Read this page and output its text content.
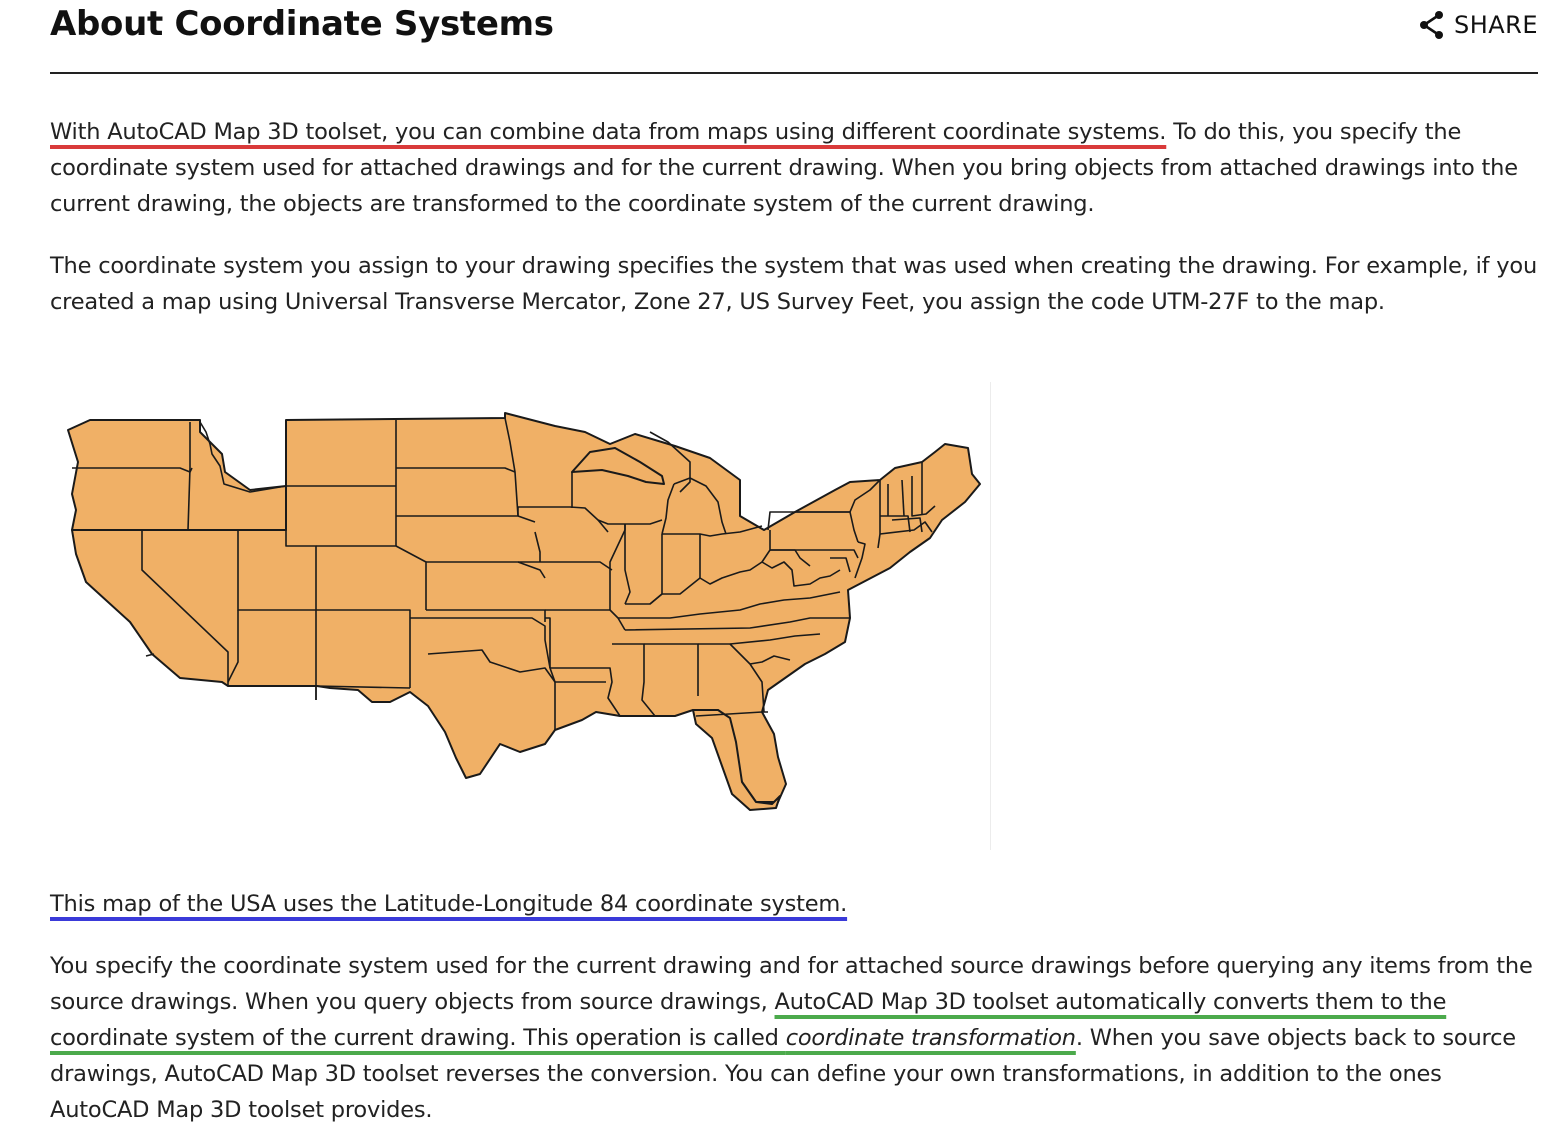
About Coordinate Systems	SHARE

With AutoCAD Map 3D toolset, you can combine data from maps using different coordinate systems. To do this, you specify the coordinate system used for attached drawings and for the current drawing. When you bring objects from attached drawings into the current drawing, the objects are transformed to the coordinate system of the current drawing.

The coordinate system you assign to your drawing specifies the system that was used when creating the drawing. For example, if you created a map using Universal Transverse Mercator, Zone 27, US Survey Feet, you assign the code UTM-27F to the map.

This map of the USA uses the Latitude-Longitude 84 coordinate system.

You specify the coordinate system used for the current drawing and for attached source drawings before querying any items from the source drawings. When you query objects from source drawings, AutoCAD Map 3D toolset automatically converts them to the coordinate system of the current drawing. This operation is called coordinate transformation. When you save objects back to source drawings, AutoCAD Map 3D toolset reverses the conversion. You can define your own transformations, in addition to the ones AutoCAD Map 3D toolset provides.
